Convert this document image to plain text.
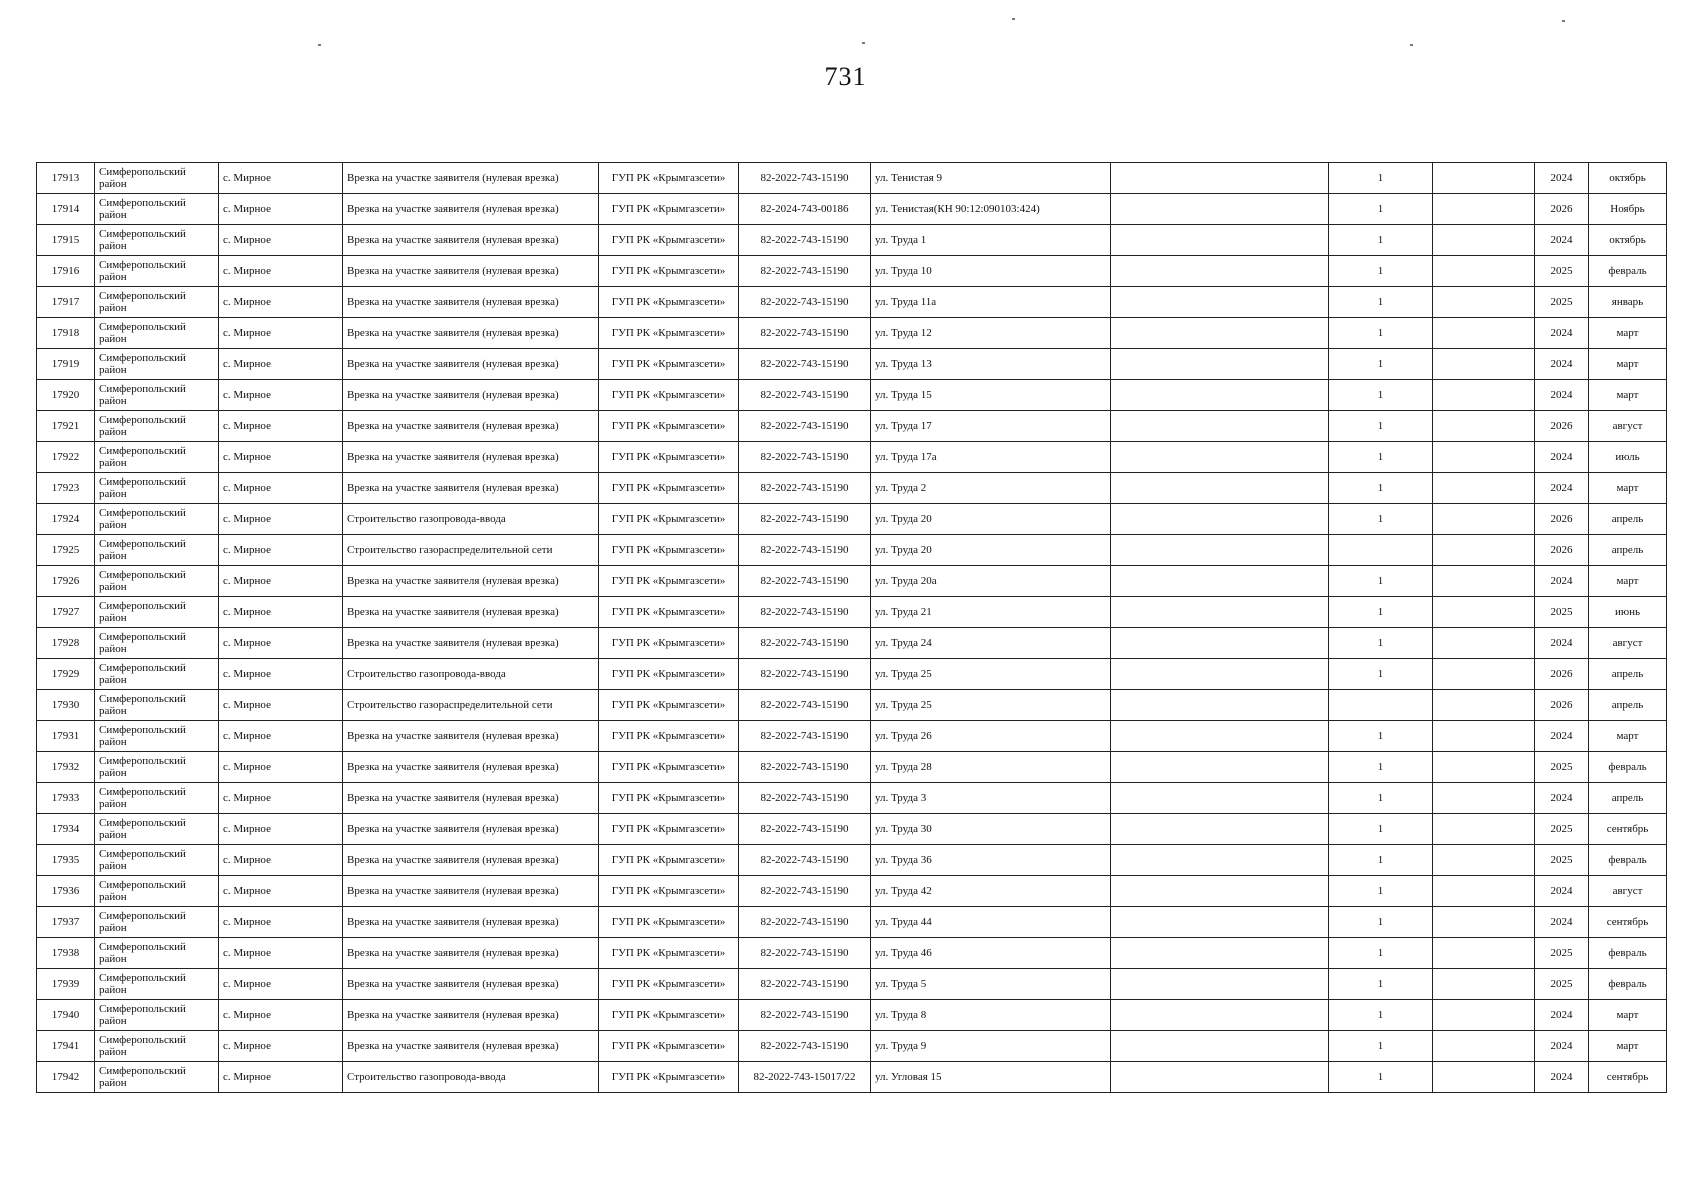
731
17913	Симферопольский район	с. Мирное	Врезка на участке заявителя (нулевая врезка)	ГУП РК «Крымгазсети»	82-2022-743-15190	ул. Тенистая 9		1		2024	октябрь
17914	Симферопольский район	с. Мирное	Врезка на участке заявителя (нулевая врезка)	ГУП РК «Крымгазсети»	82-2024-743-00186	ул. Тенистая(КН 90:12:090103:424)		1		2026	Ноябрь
17915	Симферопольский район	с. Мирное	Врезка на участке заявителя (нулевая врезка)	ГУП РК «Крымгазсети»	82-2022-743-15190	ул. Труда 1		1		2024	октябрь
17916	Симферопольский район	с. Мирное	Врезка на участке заявителя (нулевая врезка)	ГУП РК «Крымгазсети»	82-2022-743-15190	ул. Труда 10		1		2025	февраль
17917	Симферопольский район	с. Мирное	Врезка на участке заявителя (нулевая врезка)	ГУП РК «Крымгазсети»	82-2022-743-15190	ул. Труда 11а		1		2025	январь
17918	Симферопольский район	с. Мирное	Врезка на участке заявителя (нулевая врезка)	ГУП РК «Крымгазсети»	82-2022-743-15190	ул. Труда 12		1		2024	март
17919	Симферопольский район	с. Мирное	Врезка на участке заявителя (нулевая врезка)	ГУП РК «Крымгазсети»	82-2022-743-15190	ул. Труда 13		1		2024	март
17920	Симферопольский район	с. Мирное	Врезка на участке заявителя (нулевая врезка)	ГУП РК «Крымгазсети»	82-2022-743-15190	ул. Труда 15		1		2024	март
17921	Симферопольский район	с. Мирное	Врезка на участке заявителя (нулевая врезка)	ГУП РК «Крымгазсети»	82-2022-743-15190	ул. Труда 17		1		2026	август
17922	Симферопольский район	с. Мирное	Врезка на участке заявителя (нулевая врезка)	ГУП РК «Крымгазсети»	82-2022-743-15190	ул. Труда 17а		1		2024	июль
17923	Симферопольский район	с. Мирное	Врезка на участке заявителя (нулевая врезка)	ГУП РК «Крымгазсети»	82-2022-743-15190	ул. Труда 2		1		2024	март
17924	Симферопольский район	с. Мирное	Строительство газопровода-ввода	ГУП РК «Крымгазсети»	82-2022-743-15190	ул. Труда 20		1		2026	апрель
17925	Симферопольский район	с. Мирное	Строительство газораспределительной сети	ГУП РК «Крымгазсети»	82-2022-743-15190	ул. Труда 20				2026	апрель
17926	Симферопольский район	с. Мирное	Врезка на участке заявителя (нулевая врезка)	ГУП РК «Крымгазсети»	82-2022-743-15190	ул. Труда 20а		1		2024	март
17927	Симферопольский район	с. Мирное	Врезка на участке заявителя (нулевая врезка)	ГУП РК «Крымгазсети»	82-2022-743-15190	ул. Труда 21		1		2025	июнь
17928	Симферопольский район	с. Мирное	Врезка на участке заявителя (нулевая врезка)	ГУП РК «Крымгазсети»	82-2022-743-15190	ул. Труда 24		1		2024	август
17929	Симферопольский район	с. Мирное	Строительство газопровода-ввода	ГУП РК «Крымгазсети»	82-2022-743-15190	ул. Труда 25		1		2026	апрель
17930	Симферопольский район	с. Мирное	Строительство газораспределительной сети	ГУП РК «Крымгазсети»	82-2022-743-15190	ул. Труда 25				2026	апрель
17931	Симферопольский район	с. Мирное	Врезка на участке заявителя (нулевая врезка)	ГУП РК «Крымгазсети»	82-2022-743-15190	ул. Труда 26		1		2024	март
17932	Симферопольский район	с. Мирное	Врезка на участке заявителя (нулевая врезка)	ГУП РК «Крымгазсети»	82-2022-743-15190	ул. Труда 28		1		2025	февраль
17933	Симферопольский район	с. Мирное	Врезка на участке заявителя (нулевая врезка)	ГУП РК «Крымгазсети»	82-2022-743-15190	ул. Труда 3		1		2024	апрель
17934	Симферопольский район	с. Мирное	Врезка на участке заявителя (нулевая врезка)	ГУП РК «Крымгазсети»	82-2022-743-15190	ул. Труда 30		1		2025	сентябрь
17935	Симферопольский район	с. Мирное	Врезка на участке заявителя (нулевая врезка)	ГУП РК «Крымгазсети»	82-2022-743-15190	ул. Труда 36		1		2025	февраль
17936	Симферопольский район	с. Мирное	Врезка на участке заявителя (нулевая врезка)	ГУП РК «Крымгазсети»	82-2022-743-15190	ул. Труда 42		1		2024	август
17937	Симферопольский район	с. Мирное	Врезка на участке заявителя (нулевая врезка)	ГУП РК «Крымгазсети»	82-2022-743-15190	ул. Труда 44		1		2024	сентябрь
17938	Симферопольский район	с. Мирное	Врезка на участке заявителя (нулевая врезка)	ГУП РК «Крымгазсети»	82-2022-743-15190	ул. Труда 46		1		2025	февраль
17939	Симферопольский район	с. Мирное	Врезка на участке заявителя (нулевая врезка)	ГУП РК «Крымгазсети»	82-2022-743-15190	ул. Труда 5		1		2025	февраль
17940	Симферопольский район	с. Мирное	Врезка на участке заявителя (нулевая врезка)	ГУП РК «Крымгазсети»	82-2022-743-15190	ул. Труда 8		1		2024	март
17941	Симферопольский район	с. Мирное	Врезка на участке заявителя (нулевая врезка)	ГУП РК «Крымгазсети»	82-2022-743-15190	ул. Труда 9		1		2024	март
17942	Симферопольский район	с. Мирное	Строительство газопровода-ввода	ГУП РК «Крымгазсети»	82-2022-743-15017/22	ул. Угловая 15		1		2024	сентябрь
